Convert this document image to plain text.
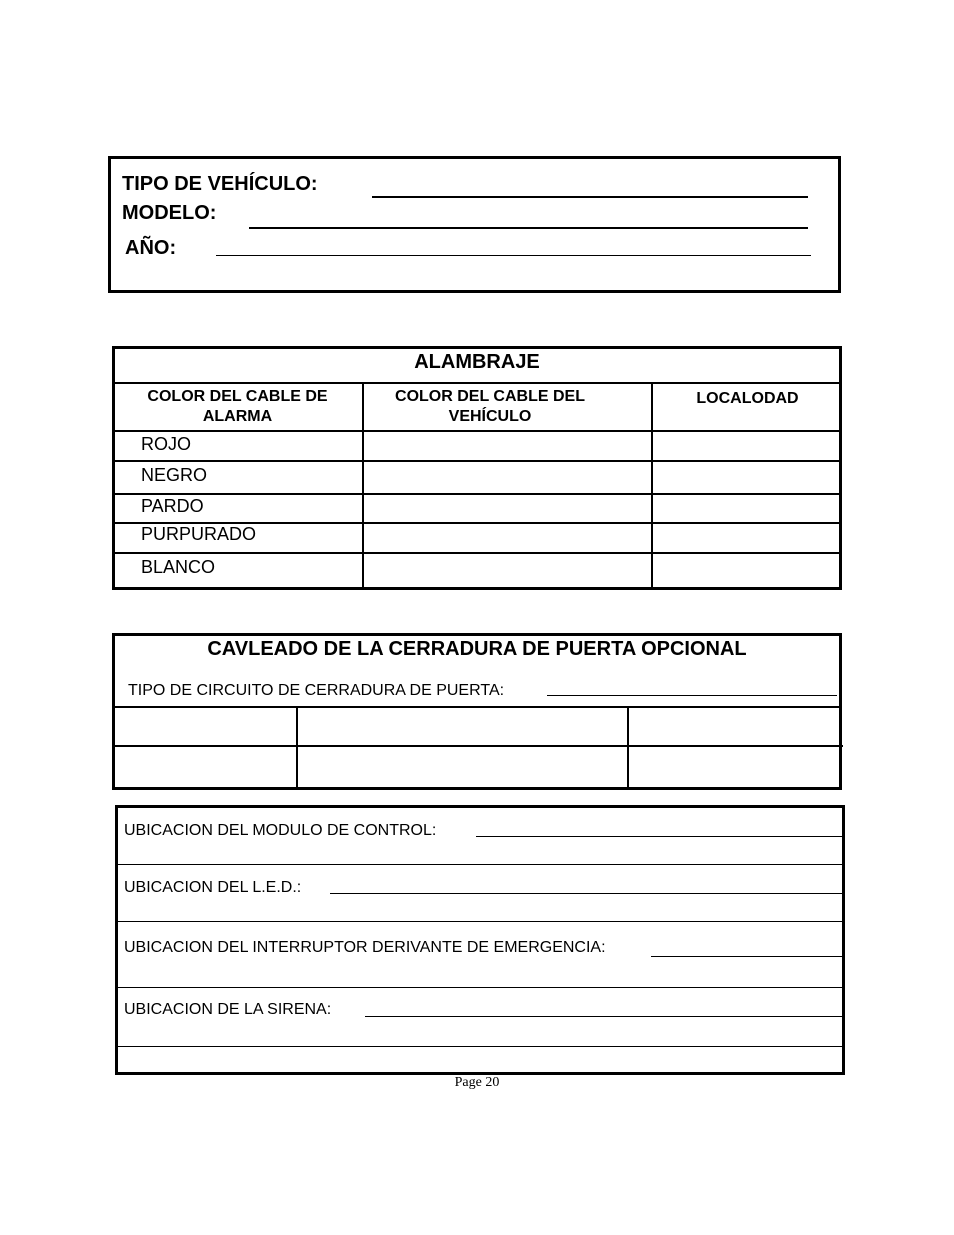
TIPO DE VEHÍCULO:
MODELO:
AÑO:
ALAMBRAJE
COLOR DEL CABLE DE ALARMA
COLOR DEL CABLE DEL VEHÍCULO
LOCALODAD
ROJO
NEGRO
PARDO
PURPURADO
BLANCO
CAVLEADO DE LA CERRADURA DE PUERTA OPCIONAL
TIPO DE CIRCUITO DE CERRADURA DE PUERTA:
UBICACION DEL MODULO DE CONTROL:
UBICACION DEL L.E.D.:
UBICACION DEL INTERRUPTOR DERIVANTE DE EMERGENCIA:
UBICACION DE LA SIRENA:
Page 20
